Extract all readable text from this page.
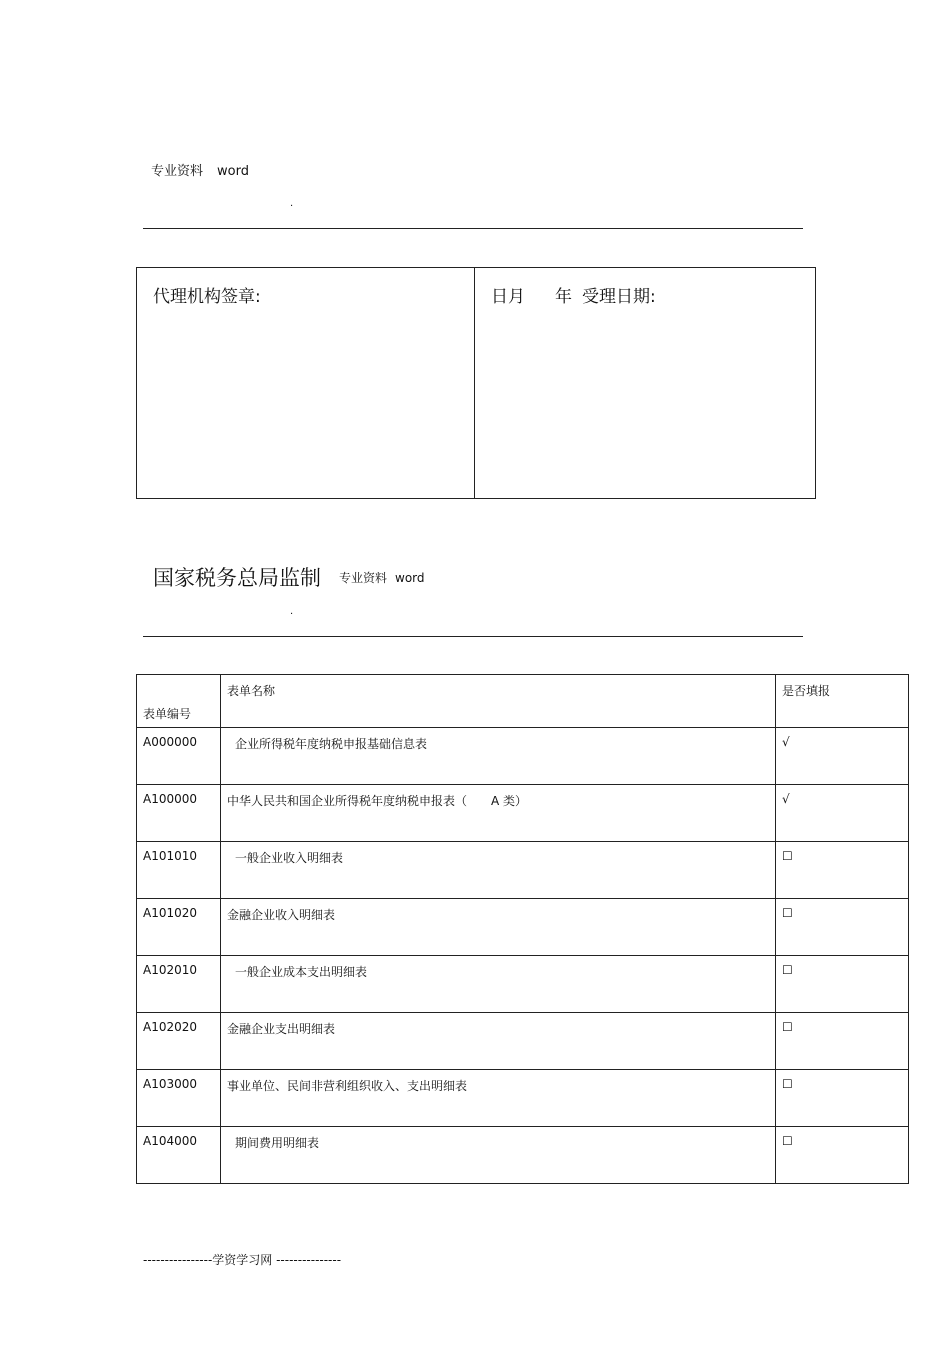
专业资料 word
.
代理机构签章:	日月 年 受理日期:
国家税务总局监制 专业资料 word
.
表单编号	表单名称	是否填报
A000000	企业所得税年度纳税申报基础信息表	√
A100000	中华人民共和国企业所得税年度纳税申报表（　　A 类）	√
A101010	一般企业收入明细表	☐
A101020	金融企业收入明细表	☐
A102010	一般企业成本支出明细表	☐
A102020	金融企业支出明细表	☐
A103000	事业单位、民间非营利组织收入、支出明细表	☐
A104000	期间费用明细表	☐
----------------学资学习网 ---------------
